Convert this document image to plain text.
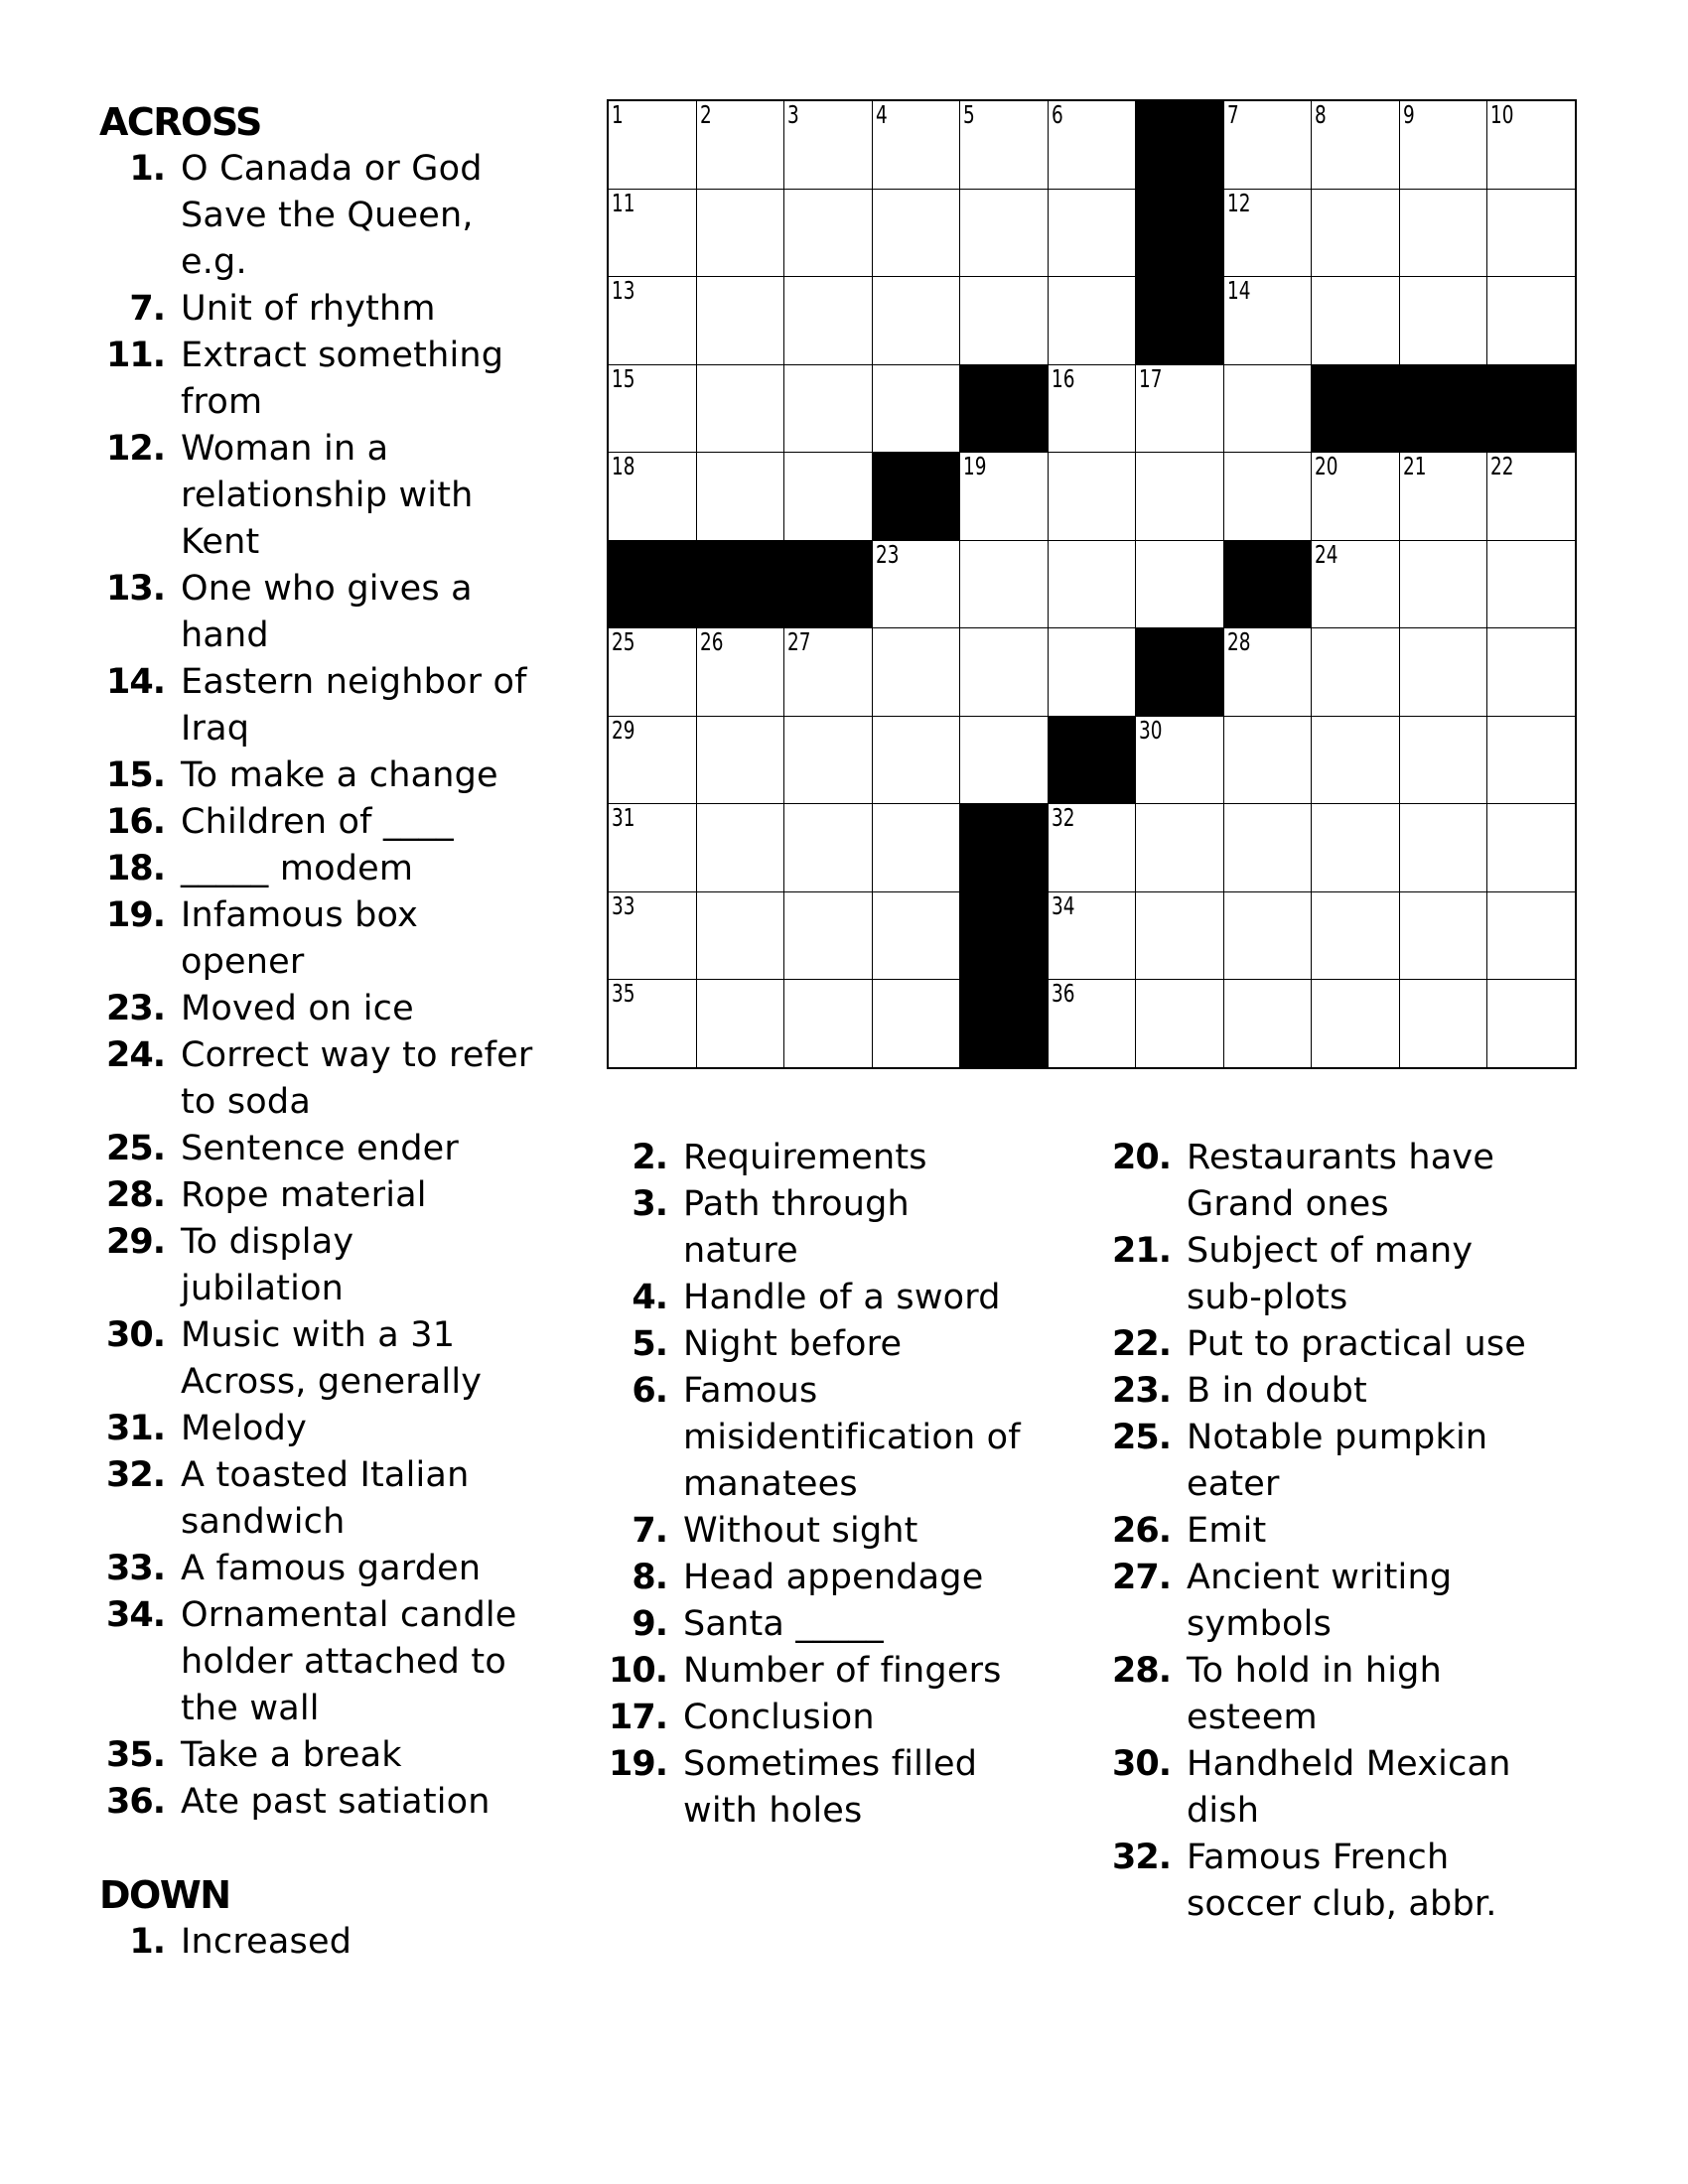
ACROSS
1. O Canada or God
Save the Queen,
e.g.
7. Unit of rhythm
11. Extract something
from
12. Woman in a
relationship with
Kent
13. One who gives a
hand
14. Eastern neighbor of
Iraq
15. To make a change
16. Children of ____
18. _____ modem
19. Infamous box
opener
23. Moved on ice
24. Correct way to refer
to soda
25. Sentence ender
28. Rope material
29. To display
jubilation
30. Music with a 31
Across, generally
31. Melody
32. A toasted Italian
sandwich
33. A famous garden
34. Ornamental candle
holder attached to
the wall
35. Take a break
36. Ate past satiation
DOWN
1. Increased
1	2	3	4	5	6	7	8	9	10
11	12
13	14
15	16	17
18	19	20	21	22
23	24
25	26	27	28
29	30
31	32
33	34
35	36
2. Requirements
3. Path through
nature
4. Handle of a sword
5. Night before
6. Famous
misidentification of
manatees
7. Without sight
8. Head appendage
9. Santa _____
10. Number of fingers
17. Conclusion
19. Sometimes filled
with holes
20. Restaurants have
Grand ones
21. Subject of many
sub-plots
22. Put to practical use
23. B in doubt
25. Notable pumpkin
eater
26. Emit
27. Ancient writing
symbols
28. To hold in high
esteem
30. Handheld Mexican
dish
32. Famous French
soccer club, abbr.
